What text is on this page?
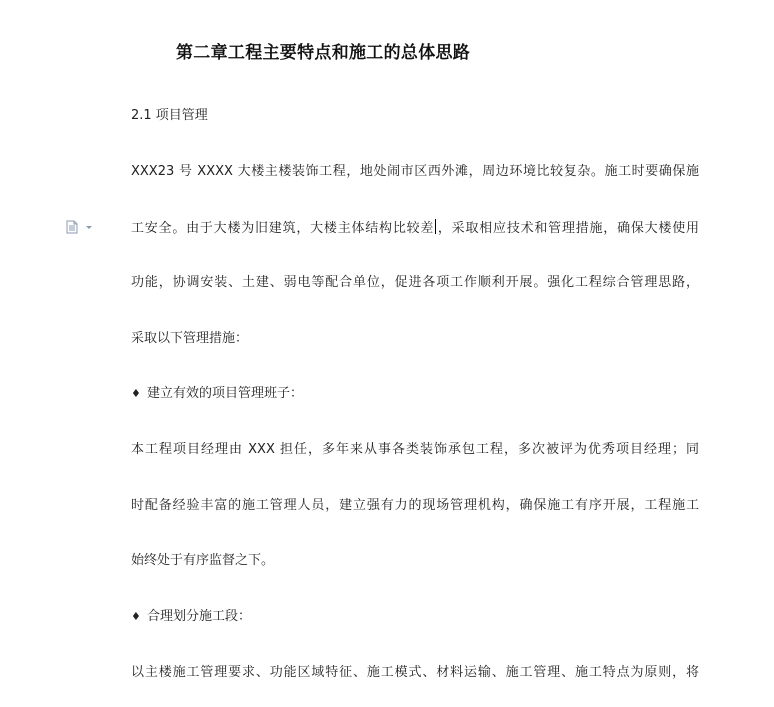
第二章工程主要特点和施工的总体思路
2.1 项目管理
XXX23 号 XXXX 大楼主楼装饰工程，地处闹市区西外滩，周边环境比较复杂。施工时要确保施
工安全。由于大楼为旧建筑，大楼主体结构比较差 ，采取相应技术和管理措施，确保大楼使用
功能，协调安装、土建、弱电等配合单位，促进各项工作顺利开展。强化工程综合管理思路，
采取以下管理措施：
♦ 建立有效的项目管理班子：
本工程项目经理由 XXX 担任，多年来从事各类装饰承包工程，多次被评为优秀项目经理；同
时配备经验丰富的施工管理人员，建立强有力的现场管理机构，确保施工有序开展，工程施工
始终处于有序监督之下。
♦ 合理划分施工段：
以主楼施工管理要求、功能区域特征、施工模式、材料运输、施工管理、施工特点为原则，将
